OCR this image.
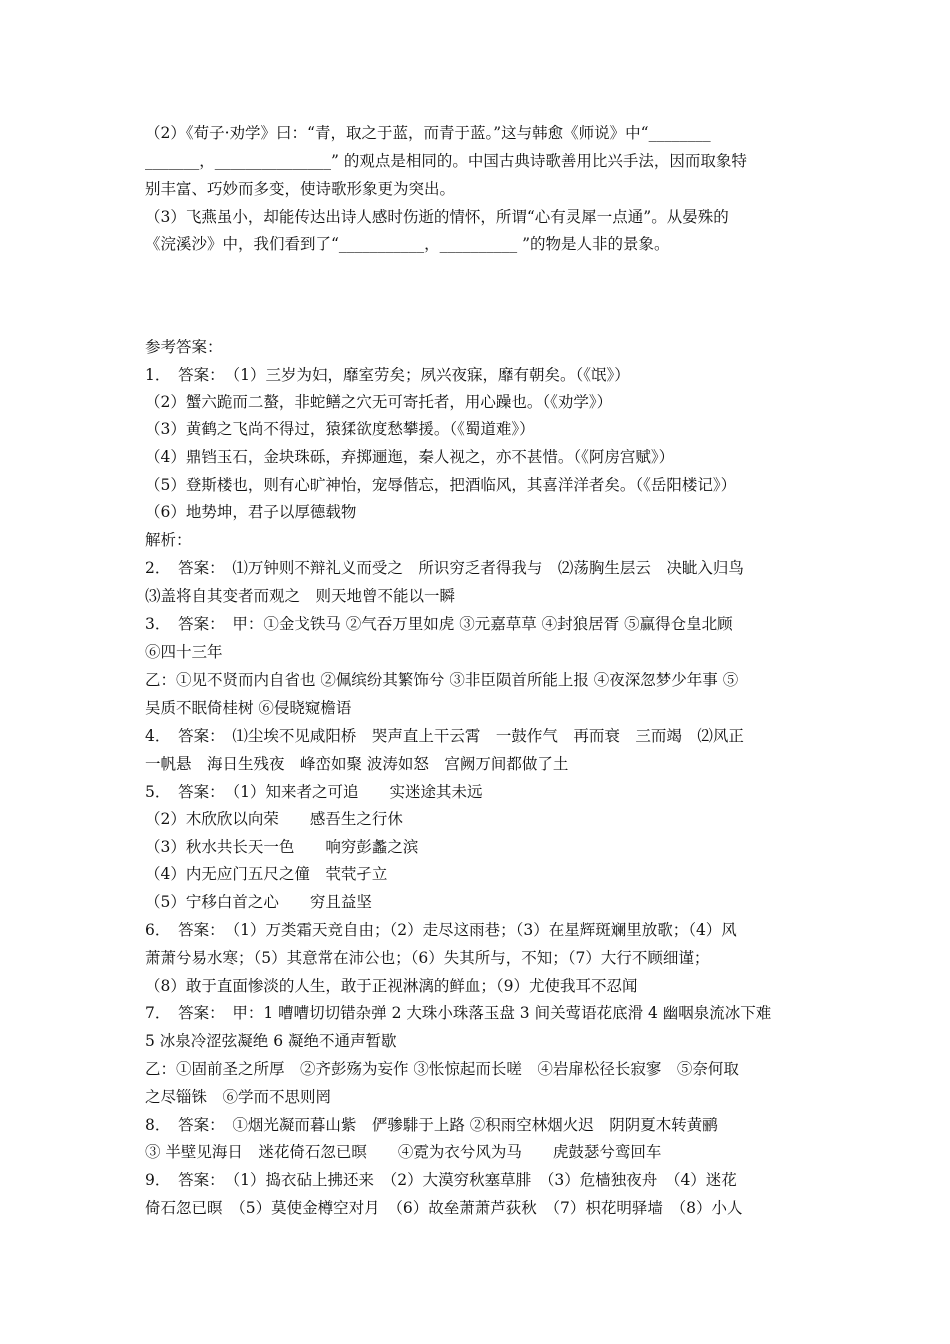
（2）《荀子·劝学》曰：“青，取之于蓝，而青于蓝。”这与韩愈《师说》中“________
_______，_______________” 的观点是相同的。中国古典诗歌善用比兴手法，因而取象特
别丰富、巧妙而多变，使诗歌形象更为突出。
（3）飞燕虽小，却能传达出诗人感时伤逝的情怀，所谓“心有灵犀一点通”。从晏殊的
《浣溪沙》中，我们看到了“___________，__________ ”的物是人非的景象。
参考答案：
1．　答案：　（1）三岁为妇，靡室劳矣；夙兴夜寐，靡有朝矣。（《氓》）
（2）蟹六跪而二螯，非蛇鳝之穴无可寄托者，用心躁也。（《劝学》）
（3）黄鹤之飞尚不得过，猿猱欲度愁攀援。（《蜀道难》）
（4）鼎铛玉石，金块珠砾，弃掷逦迤，秦人视之，亦不甚惜。（《阿房宫赋》）
（5）登斯楼也，则有心旷神怡，宠辱偕忘，把酒临风，其喜洋洋者矣。（《岳阳楼记》）
（6）地势坤，君子以厚德载物
解析：
2．　答案：　⑴万钟则不辩礼义而受之　所识穷乏者得我与　⑵荡胸生层云　决眦入归鸟
⑶盖将自其变者而观之　则天地曾不能以一瞬
3．　答案：　甲：①金戈铁马 ②气吞万里如虎 ③元嘉草草 ④封狼居胥 ⑤赢得仓皇北顾
⑥四十三年
乙：①见不贤而内自省也 ②佩缤纷其繁饰兮 ③非臣陨首所能上报 ④夜深忽梦少年事 ⑤
吴质不眠倚桂树 ⑥侵晓窥檐语
4．　答案：　⑴尘埃不见咸阳桥　哭声直上干云霄　一鼓作气　再而衰　三而竭　⑵风正
一帆悬　海日生残夜　峰峦如聚 波涛如怒　宫阙万间都做了土
5．　答案：　（1）知来者之可追　　实迷途其未远
（2）木欣欣以向荣　　感吾生之行休
（3）秋水共长天一色　　响穷彭蠡之滨
（4）内无应门五尺之僮　茕茕孑立
（5）宁移白首之心　　穷且益坚
6．　答案：　（1）万类霜天竞自由；（2）走尽这雨巷；（3）在星辉斑斓里放歌；（4）风
萧萧兮易水寒；（5）其意常在沛公也；（6）失其所与，不知；（7）大行不顾细谨；
（8）敢于直面惨淡的人生，敢于正视淋漓的鲜血；（9）尤使我耳不忍闻
7．　答案：　甲：1 嘈嘈切切错杂弹 2 大珠小珠落玉盘 3 间关莺语花底滑 4 幽咽泉流冰下难
5 冰泉冷涩弦凝绝 6 凝绝不通声暂歇
乙：①固前圣之所厚　②齐彭殇为妄作 ③怅惊起而长嗟　④岩扉松径长寂寥　⑤奈何取
之尽锱铢　⑥学而不思则罔
8．　答案：　①烟光凝而暮山紫　俨骖騑于上路 ②积雨空林烟火迟　阴阴夏木转黄鹂
③ 半壁见海日　迷花倚石忽已暝　　④霓为衣兮风为马　　虎鼓瑟兮鸾回车
9．　答案：　（1）捣衣砧上拂还来　（2）大漠穷秋塞草腓　（3）危樯独夜舟　（4）迷花
倚石忽已暝　（5）莫使金樽空对月　（6）故垒萧萧芦荻秋　（7）枳花明驿墙　（8）小人
